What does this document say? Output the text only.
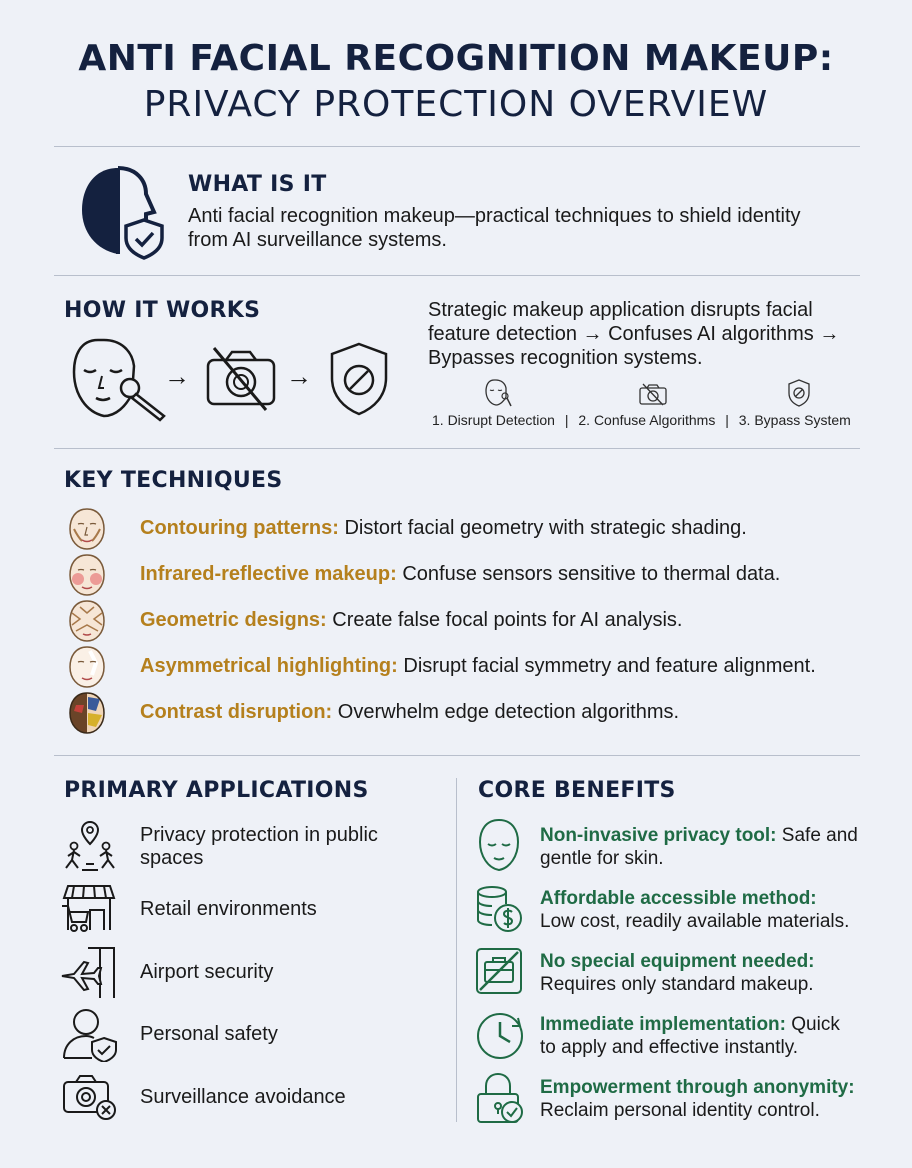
ANTI FACIAL RECOGNITION MAKEUP:
PRIVACY PROTECTION OVERVIEW
WHAT IS IT
Anti facial recognition makeup—practical techniques to shield identity
from AI surveillance systems.
HOW IT WORKS
→	→
Strategic makeup application disrupts facial
feature detection → Confuses AI algorithms →
Bypasses recognition systems.
1. Disrupt Detection | 2. Confuse Algorithms | 3. Bypass System
KEY TECHNIQUES
Contouring patterns: Distort facial geometry with strategic shading.
Infrared-reflective makeup: Confuse sensors sensitive to thermal data.
Geometric designs: Create false focal points for AI analysis.
Asymmetrical highlighting: Disrupt facial symmetry and feature alignment.
Contrast disruption: Overwhelm edge detection algorithms.
PRIMARY APPLICATIONS
Privacy protection in public
spaces
Retail environments
Airport security
Personal safety
Surveillance avoidance
CORE BENEFITS
Non-invasive privacy tool: Safe and
gentle for skin.
Affordable accessible method:
Low cost, readily available materials.
No special equipment needed:
Requires only standard makeup.
Immediate implementation: Quick
to apply and effective instantly.
Empowerment through anonymity:
Reclaim personal identity control.
